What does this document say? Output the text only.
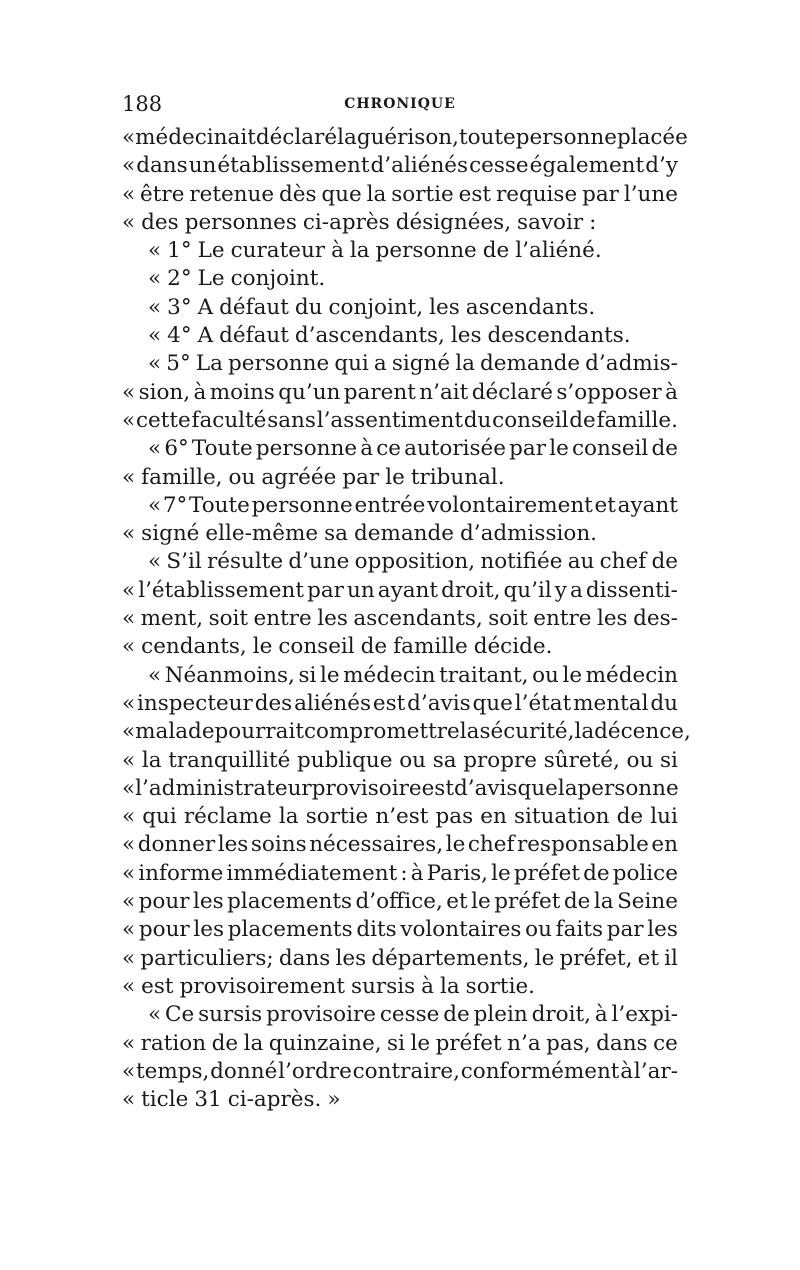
188	CHRONIQUE
« médecin ait déclaré la guérison, toute personne placée
« dans un établissement d’aliénés cesse également d’y
« être retenue dès que la sortie est requise par l’une
« des personnes ci-après désignées, savoir :
« 1° Le curateur à la personne de l’aliéné.
« 2° Le conjoint.
« 3° A défaut du conjoint, les ascendants.
« 4° A défaut d’ascendants, les descendants.
« 5° La personne qui a signé la demande d’admis-
« sion, à moins qu’un parent n’ait déclaré s’opposer à
« cette faculté sans l’assentiment du conseil de famille.
« 6° Toute personne à ce autorisée par le conseil de
« famille, ou agréée par le tribunal.
« 7° Toute personne entrée volontairement et ayant
« signé elle-même sa demande d’admission.
« S’il résulte d’une opposition, notifiée au chef de
« l’établissement par un ayant droit, qu’il y a dissenti-
« ment, soit entre les ascendants, soit entre les des-
« cendants, le conseil de famille décide.
« Néanmoins, si le médecin traitant, ou le médecin
« inspecteur des aliénés est d’avis que l’état mental du
« malade pourrait compromettre la sécurité, la décence,
« la tranquillité publique ou sa propre sûreté, ou si
« l’administrateur provisoire est d’avis que la personne
« qui réclame la sortie n’est pas en situation de lui
« donner les soins nécessaires, le chef responsable en
« informe immédiatement : à Paris, le préfet de police
« pour les placements d’office, et le préfet de la Seine
« pour les placements dits volontaires ou faits par les
« particuliers; dans les départements, le préfet, et il
« est provisoirement sursis à la sortie.
« Ce sursis provisoire cesse de plein droit, à l’expi-
« ration de la quinzaine, si le préfet n’a pas, dans ce
« temps, donné l’ordre contraire, conformément à l’ar-
« ticle 31 ci-après. »
